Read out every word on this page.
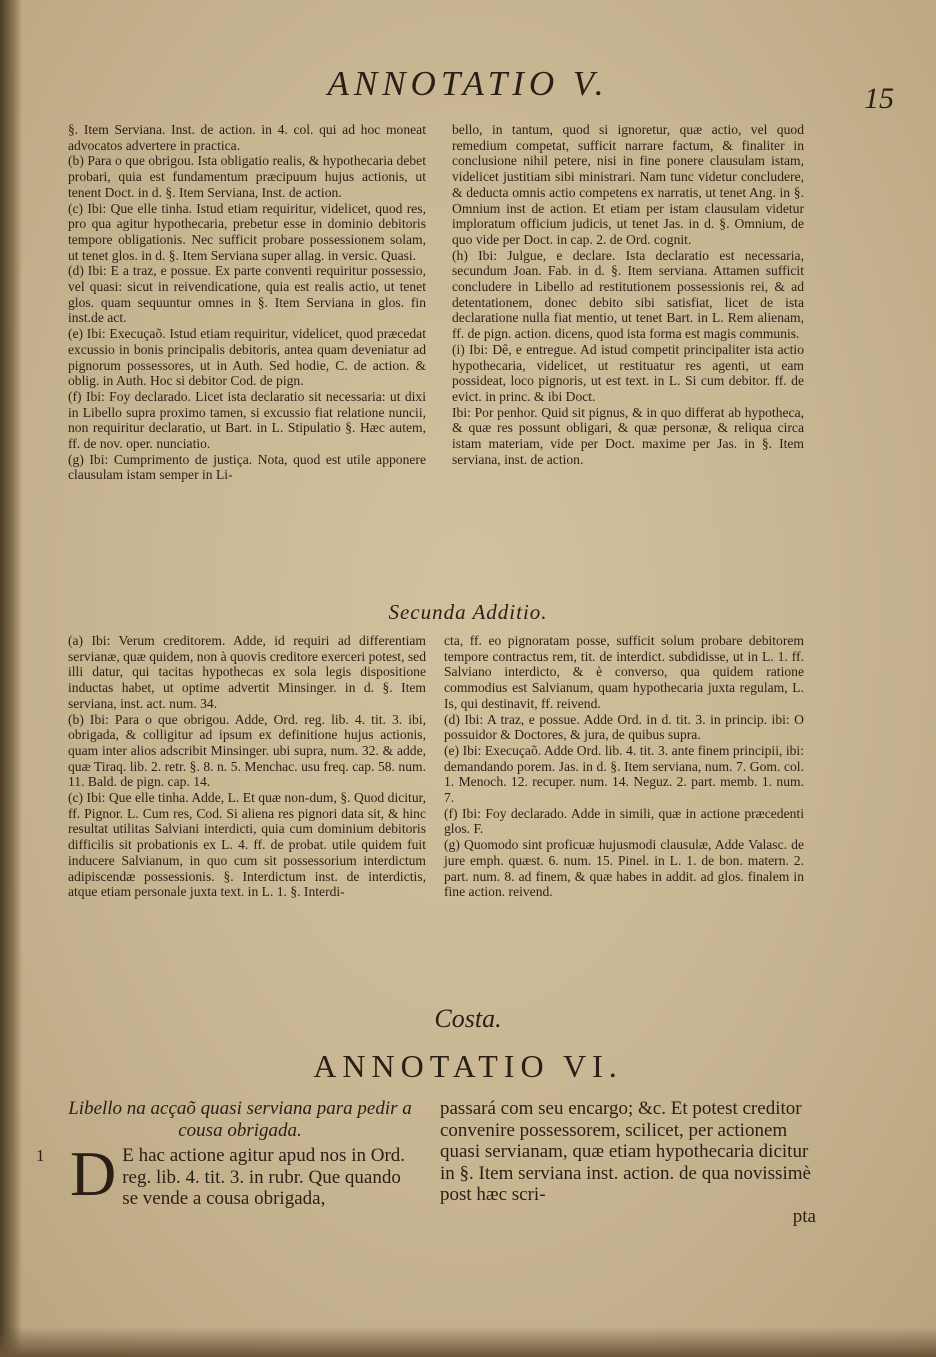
ANNOTATIO V.	15

§. Item Serviana. Inst. de action. in 4. col. qui ad hoc moneat advocatos advertere in practica.

(b) Para o que obrigou. Ista obligatio realis, & hypothecaria debet probari, quia est fundamentum præcipuum hujus actionis, ut tenent Doct. in d. §. Item Serviana, Inst. de action.

(c) Ibi: Que elle tinha. Istud etiam requiritur, videlicet, quod res, pro qua agitur hypothecaria, prebetur esse in dominio debitoris tempore obligationis. Nec sufficit probare possessionem solam, ut tenet glos. in d. §. Item Serviana super allag. in versic. Quasi.

(d) Ibi: E a traz, e possue. Ex parte conventi requiritur possessio, vel quasi: sicut in reivendicatione, quia est realis actio, ut tenet glos. quam sequuntur omnes in §. Item Serviana in glos. fin inst.de act.

(e) Ibi: Execuçaõ. Istud etiam requiritur, videlicet, quod præcedat excussio in bonis principalis debitoris, antea quam deveniatur ad pignorum possessores, ut in Auth. Sed hodie, C. de action. & oblig. in Auth. Hoc si debitor Cod. de pign.

(f) Ibi: Foy declarado. Licet ista declaratio sit necessaria: ut dixi in Libello supra proximo tamen, si excussio fiat relatione nuncii, non requiritur declaratio, ut Bart. in L. Stipulatio §. Hæc autem, ff. de nov. oper. nunciatio.

(g) Ibi: Cumprimento de justiça. Nota, quod est utile apponere clausulam istam semper in Li-

bello, in tantum, quod si ignoretur, quæ actio, vel quod remedium competat, sufficit narrare factum, & finaliter in conclusione nihil petere, nisi in fine ponere clausulam istam, videlicet justitiam sibi ministrari. Nam tunc videtur concludere, & deducta omnis actio competens ex narratis, ut tenet Ang. in §. Omnium inst de action. Et etiam per istam clausulam videtur imploratum officium judicis, ut tenet Jas. in d. §. Omnium, de quo vide per Doct. in cap. 2. de Ord. cognit.

(h) Ibi: Julgue, e declare. Ista declaratio est necessaria, secundum Joan. Fab. in d. §. Item serviana. Attamen sufficit concludere in Libello ad restitutionem possessionis rei, & ad detentationem, donec debito sibi satisfiat, licet de ista declaratione nulla fiat mentio, ut tenet Bart. in L. Rem alienam, ff. de pign. action. dicens, quod ista forma est magis communis.

(i) Ibi: Dê, e entregue. Ad istud competit principaliter ista actio hypothecaria, videlicet, ut restituatur res agenti, ut eam possideat, loco pignoris, ut est text. in L. Si cum debitor. ff. de evict. in princ. & ibi Doct.

Ibi: Por penhor. Quid sit pignus, & in quo differat ab hypotheca, & quæ res possunt obligari, & quæ personæ, & reliqua circa istam materiam, vide per Doct. maxime per Jas. in §. Item serviana, inst. de action.

Secunda Additio.

(a) Ibi: Verum creditorem. Adde, id requiri ad differentiam servianæ, quæ quidem, non à quovis creditore exerceri potest, sed illi datur, qui tacitas hypothecas ex sola legis dispositione inductas habet, ut optime advertit Minsinger. in d. §. Item serviana, inst. act. num. 34.

(b) Ibi: Para o que obrigou. Adde, Ord. reg. lib. 4. tit. 3. ibi, obrigada, & colligitur ad ipsum ex definitione hujus actionis, quam inter alios adscribit Minsinger. ubi supra, num. 32. & adde, quæ Tiraq. lib. 2. retr. §. 8. n. 5. Menchac. usu freq. cap. 58. num. 11. Bald. de pign. cap. 14.

(c) Ibi: Que elle tinha. Adde, L. Et quæ non-dum, §. Quod dicitur, ff. Pignor. L. Cum res, Cod. Si aliena res pignori data sit, & hinc resultat utilitas Salviani interdicti, quia cum dominium debitoris difficilis sit probationis ex L. 4. ff. de probat. utile quidem fuit inducere Salvianum, in quo cum sit possessorium interdictum adipiscendæ possessionis. §. Interdictum inst. de interdictis, atque etiam personale juxta text. in L. 1. §. Interdi-

cta, ff. eo pignoratam posse, sufficit solum probare debitorem tempore contractus rem, tit. de interdict. subdidisse, ut in L. 1. ff. Salviano interdicto, & è converso, qua quidem ratione commodius est Salvianum, quam hypothecaria juxta regulam, L. Is, qui destinavit, ff. reivend.

(d) Ibi: A traz, e possue. Adde Ord. in d. tit. 3. in princip. ibi: O possuidor & Doctores, & jura, de quibus supra.

(e) Ibi: Execuçaõ. Adde Ord. lib. 4. tit. 3. ante finem principii, ibi: demandando porem. Jas. in d. §. Item serviana, num. 7. Gom. col. 1. Menoch. 12. recuper. num. 14. Neguz. 2. part. memb. 1. num. 7.

(f) Ibi: Foy declarado. Adde in simili, quæ in actione præcedenti glos. F.

(g) Quomodo sint proficuæ hujusmodi clausulæ, Adde Valasc. de jure emph. quæst. 6. num. 15. Pinel. in L. 1. de bon. matern. 2. part. num. 8. ad finem, & quæ habes in addit. ad glos. finalem in fine action. reivend.

Costa.
ANNOTATIO VI.

Libello na acçaõ quasi serviana para pedir a cousa obrigada.

1 D E hac actione agitur apud nos in Ord. reg. lib. 4. tit. 3. in rubr. Que quando se vende a cousa obrigada,

passará com seu encargo; &c. Et potest creditor convenire possessorem, scilicet, per actionem quasi servianam, quæ etiam hypothecaria dicitur in §. Item serviana inst. action. de qua novissimè post hæc scri-

pta
